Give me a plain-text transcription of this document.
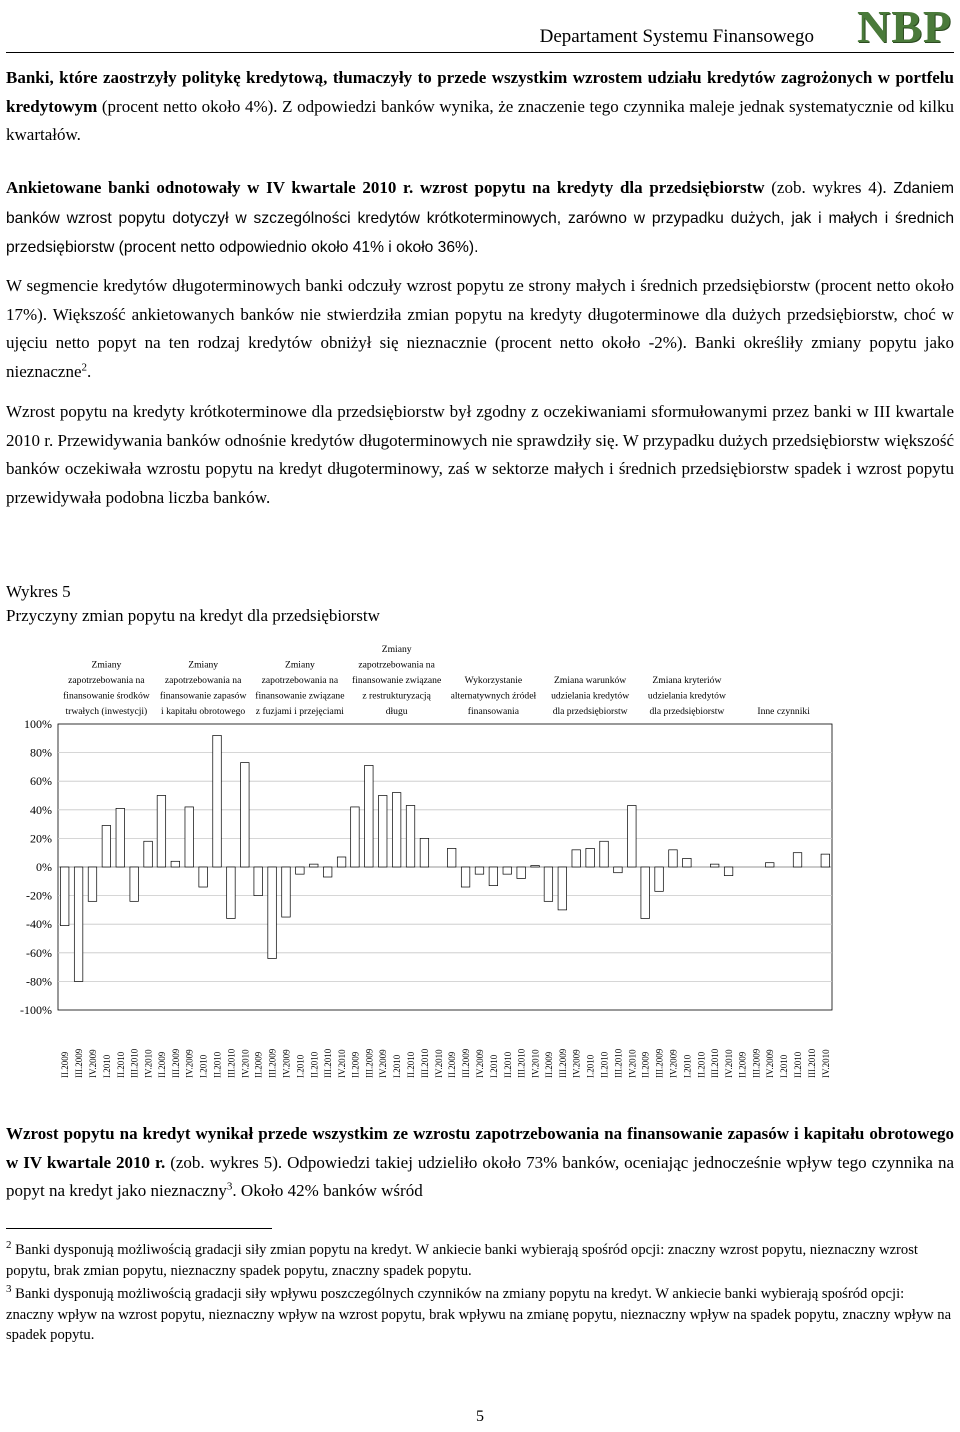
Departament Systemu Finansowego NBP

Banki, które zaostrzyły politykę kredytową, tłumaczyły to przede wszystkim wzrostem udziału kredytów zagrożonych w portfelu kredytowym (procent netto około 4%). Z odpowiedzi banków wynika, że znaczenie tego czynnika maleje jednak systematycznie od kilku kwartałów.

Ankietowane banki odnotowały w IV kwartale 2010 r. wzrost popytu na kredyty dla przedsiębiorstw (zob. wykres 4). Zdaniem banków wzrost popytu dotyczył w szczególności kredytów krótkoterminowych, zarówno w przypadku dużych, jak i małych i średnich przedsiębiorstw (procent netto odpowiednio około 41% i około 36%).

W segmencie kredytów długoterminowych banki odczuły wzrost popytu ze strony małych i średnich przedsiębiorstw (procent netto około 17%). Większość ankietowanych banków nie stwierdziła zmian popytu na kredyty długoterminowe dla dużych przedsiębiorstw, choć w ujęciu netto popyt na ten rodzaj kredytów obniżył się nieznacznie (procent netto około -2%). Banki określiły zmiany popytu jako nieznaczne$^2$.

Wzrost popytu na kredyty krótkoterminowe dla przedsiębiorstw był zgodny z oczekiwaniami sformułowanymi przez banki w III kwartale 2010 r. Przewidywania banków odnośnie kredytów długoterminowych nie sprawdziły się. W przypadku dużych przedsiębiorstw większość banków oczekiwała wzrostu popytu na kredyt długoterminowy, zaś w sektorze małych i średnich przedsiębiorstw spadek i wzrost popytu przewidywała podobna liczba banków.

Wykres 5
Przyczyny zmian popytu na kredyt dla przedsiębiorstw
100%
80%
60%
40%
20%
0%
-20%
-40%
-60%
-80%
-100%
Zmiany
zapotrzebowania na
finansowanie środków
trwałych (inwestycji)
II.2009 III.2009 IV.2009 I.2010 II.2010 III.2010 IV.2010
Zmiany
zapotrzebowania na
finansowanie zapasów
i kapitału obrotowego
II.2009 III.2009 IV.2009 I.2010 II.2010 III.2010 IV.2010
Zmiany
zapotrzebowania na
finansowanie związane
z fuzjami i przejęciami
II.2009 III.2009 IV.2009 I.2010 II.2010 III.2010 IV.2010
Zmiany
zapotrzebowania na
finansowanie związane
z restrukturyzacją
długu
II.2009 III.2009 IV.2009 I.2010 II.2010 III.2010 IV.2010
Wykorzystanie
alternatywnych źródeł
finansowania
II.2009 III.2009 IV.2009 I.2010 II.2010 III.2010 IV.2010
Zmiana warunków
udzielania kredytów
dla przedsiębiorstw
II.2009 III.2009 IV.2009 I.2010 II.2010 III.2010 IV.2010
Zmiana kryteriów
udzielania kredytów
dla przedsiębiorstw
II.2009 III.2009 IV.2009 I.2010 II.2010 III.2010 IV.2010
Inne czynniki
II.2009 III.2009 IV.2009 I.2010 II.2010 III.2010 IV.2010

Wzrost popytu na kredyt wynikał przede wszystkim ze wzrostu zapotrzebowania na finansowanie zapasów i kapitału obrotowego w IV kwartale 2010 r. (zob. wykres 5). Odpowiedzi takiej udzieliło około 73% banków, oceniając jednocześnie wpływ tego czynnika na popyt na kredyt jako nieznaczny$^3$. Około 42% banków wśród

$^2$ Banki dysponują możliwością gradacji siły zmian popytu na kredyt. W ankiecie banki wybierają spośród opcji: znaczny wzrost popytu, nieznaczny wzrost popytu, brak zmian popytu, nieznaczny spadek popytu, znaczny spadek popytu.

$^3$ Banki dysponują możliwością gradacji siły wpływu poszczególnych czynników na zmiany popytu na kredyt. W ankiecie banki wybierają spośród opcji: znaczny wpływ na wzrost popytu, nieznaczny wpływ na wzrost popytu, brak wpływu na zmianę popytu, nieznaczny wpływ na spadek popytu, znaczny wpływ na spadek popytu.

5
